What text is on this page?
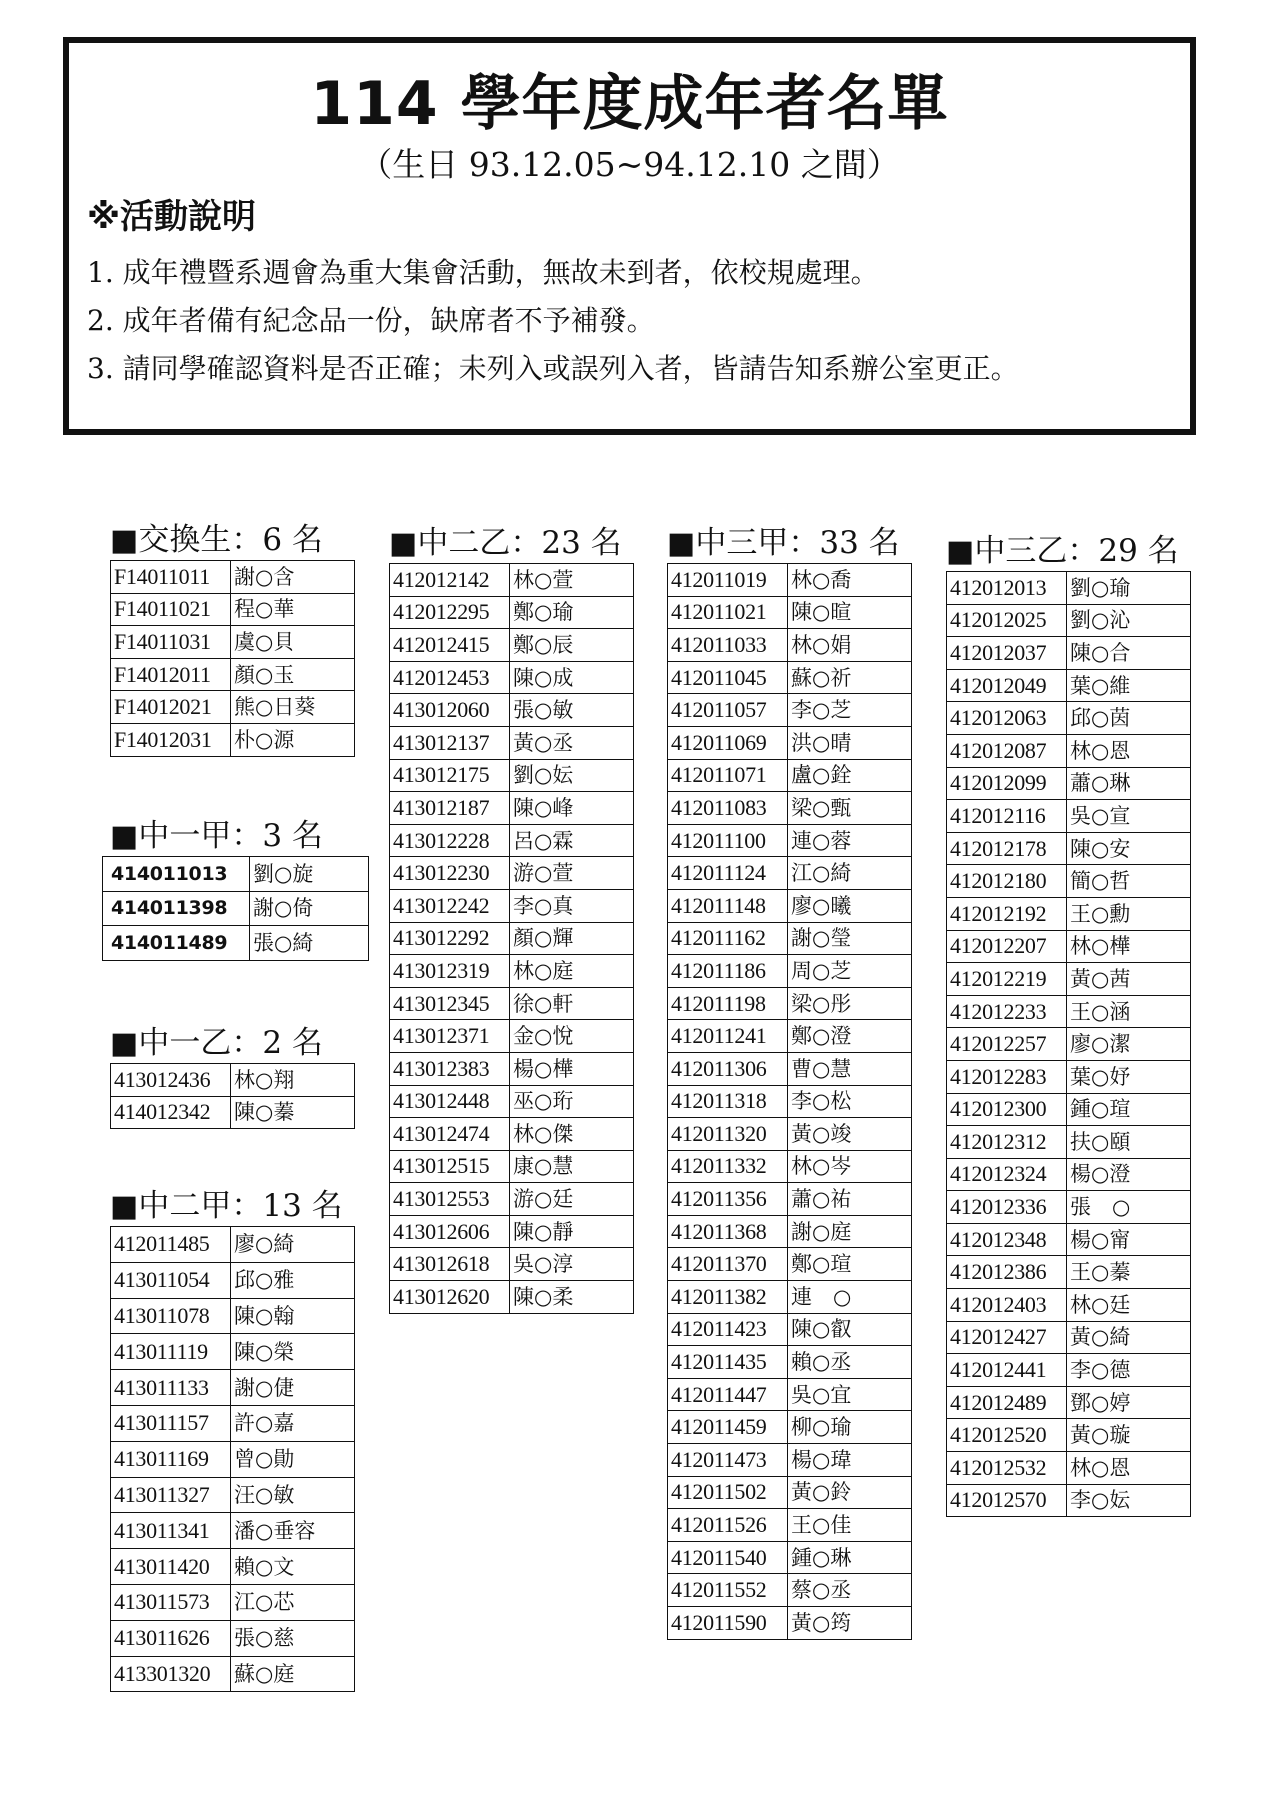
114 學年度成年者名單
（生日 93.12.05~94.12.10 之間）
※活動說明
1. 成年禮暨系週會為重大集會活動，無故未到者，依校規處理。
2. 成年者備有紀念品一份，缺席者不予補發。
3. 請同學確認資料是否正確；未列入或誤列入者，皆請告知系辦公室更正。
■交換生：6 名
F14011011	謝○含
F14011021	程○華
F14011031	虞○貝
F14012011	顏○玉
F14012021	熊○日葵
F14012031	朴○源
■中一甲：3 名
414011013	劉○旋
414011398	謝○倚
414011489	張○綺
■中一乙：2 名
413012436	林○翔
414012342	陳○蓁
■中二甲：13 名
412011485	廖○綺
413011054	邱○雅
413011078	陳○翰
413011119	陳○榮
413011133	謝○倢
413011157	許○嘉
413011169	曾○勛
413011327	汪○敏
413011341	潘○垂容
413011420	賴○文
413011573	江○芯
413011626	張○慈
413301320	蘇○庭
■中二乙：23 名
412012142	林○萱
412012295	鄭○瑜
412012415	鄭○辰
412012453	陳○成
413012060	張○敏
413012137	黃○丞
413012175	劉○妘
413012187	陳○峰
413012228	呂○霖
413012230	游○萱
413012242	李○真
413012292	顏○輝
413012319	林○庭
413012345	徐○軒
413012371	金○悅
413012383	楊○樺
413012448	巫○珩
413012474	林○傑
413012515	康○慧
413012553	游○廷
413012606	陳○靜
413012618	吳○淳
413012620	陳○柔
■中三甲：33 名
412011019	林○喬
412011021	陳○暄
412011033	林○娟
412011045	蘇○祈
412011057	李○芝
412011069	洪○晴
412011071	盧○銓
412011083	梁○甄
412011100	連○蓉
412011124	江○綺
412011148	廖○曦
412011162	謝○瑩
412011186	周○芝
412011198	梁○彤
412011241	鄭○澄
412011306	曹○慧
412011318	李○松
412011320	黃○竣
412011332	林○岑
412011356	蕭○祐
412011368	謝○庭
412011370	鄭○瑄
412011382	連　○
412011423	陳○叡
412011435	賴○丞
412011447	吳○宜
412011459	柳○瑜
412011473	楊○瑋
412011502	黃○鈴
412011526	王○佳
412011540	鍾○琳
412011552	蔡○丞
412011590	黃○筠
■中三乙：29 名
412012013	劉○瑜
412012025	劉○沁
412012037	陳○合
412012049	葉○維
412012063	邱○茵
412012087	林○恩
412012099	蕭○琳
412012116	吳○宣
412012178	陳○安
412012180	簡○哲
412012192	王○勳
412012207	林○樺
412012219	黃○茜
412012233	王○涵
412012257	廖○潔
412012283	葉○妤
412012300	鍾○瑄
412012312	扶○頤
412012324	楊○澄
412012336	張　○
412012348	楊○甯
412012386	王○蓁
412012403	林○廷
412012427	黃○綺
412012441	李○德
412012489	鄧○婷
412012520	黃○璇
412012532	林○恩
412012570	李○妘
